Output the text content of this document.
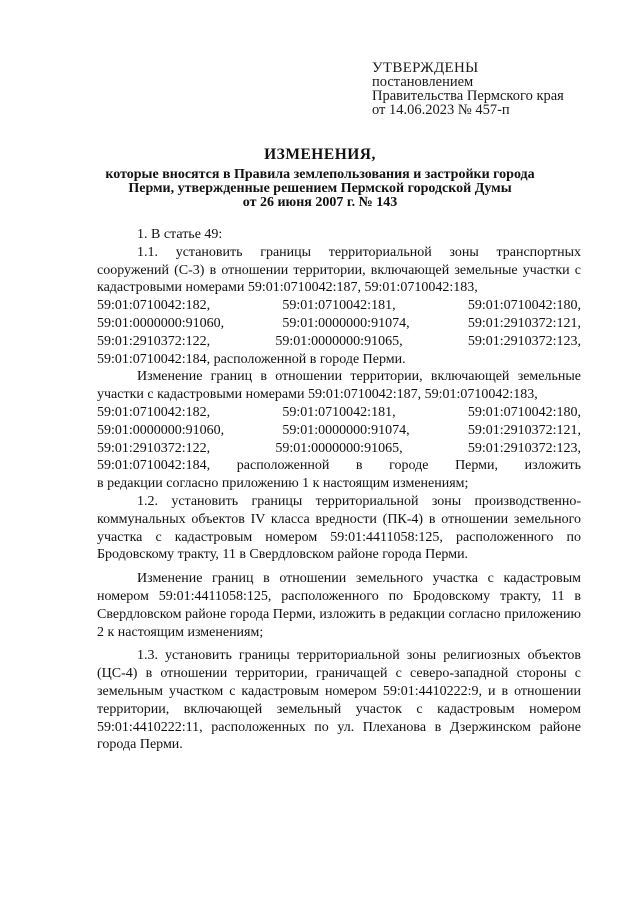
УТВЕРЖДЕНЫ
постановлением
Правительства Пермского края
от 14.06.2023 № 457-п
ИЗМЕНЕНИЯ,
которые вносятся в Правила землепользования и застройки города
Перми, утвержденные решением Пермской городской Думы
от 26 июня 2007 г. № 143

1. В статье 49:

1.1. установить границы территориальной зоны транспортных сооружений (С-3) в отношении территории, включающей земельные участки с кадастровыми номерами 59:01:0710042:187, 59:01:0710042:183,

59:01:0710042:182,	59:01:0710042:181,	59:01:0710042:180,
59:01:0000000:91060,	59:01:0000000:91074,	59:01:2910372:121,
59:01:2910372:122,	59:01:0000000:91065,	59:01:2910372:123,

59:01:0710042:184, расположенной в городе Перми.

Изменение границ в отношении территории, включающей земельные участки с кадастровыми номерами 59:01:0710042:187, 59:01:0710042:183,

59:01:0710042:182,	59:01:0710042:181,	59:01:0710042:180,
59:01:0000000:91060,	59:01:0000000:91074,	59:01:2910372:121,
59:01:2910372:122,	59:01:0000000:91065,	59:01:2910372:123,
59:01:0710042:184, расположенной в городе Перми, изложить

в редакции согласно приложению 1 к настоящим изменениям;

1.2. установить границы территориальной зоны производственно-коммунальных объектов IV класса вредности (ПК-4) в отношении земельного участка с кадастровым номером 59:01:4411058:125, расположенного по Бродовскому тракту, 11 в Свердловском районе города Перми.

Изменение границ в отношении земельного участка с кадастровым номером 59:01:4411058:125, расположенного по Бродовскому тракту, 11 в Свердловском районе города Перми, изложить в редакции согласно приложению 2 к настоящим изменениям;

1.3. установить границы территориальной зоны религиозных объектов (ЦС-4) в отношении территории, граничащей с северо-западной стороны с земельным участком с кадастровым номером 59:01:4410222:9, и в отношении территории, включающей земельный участок с кадастровым номером 59:01:4410222:11, расположенных по ул. Плеханова в Дзержинском районе города Перми.
